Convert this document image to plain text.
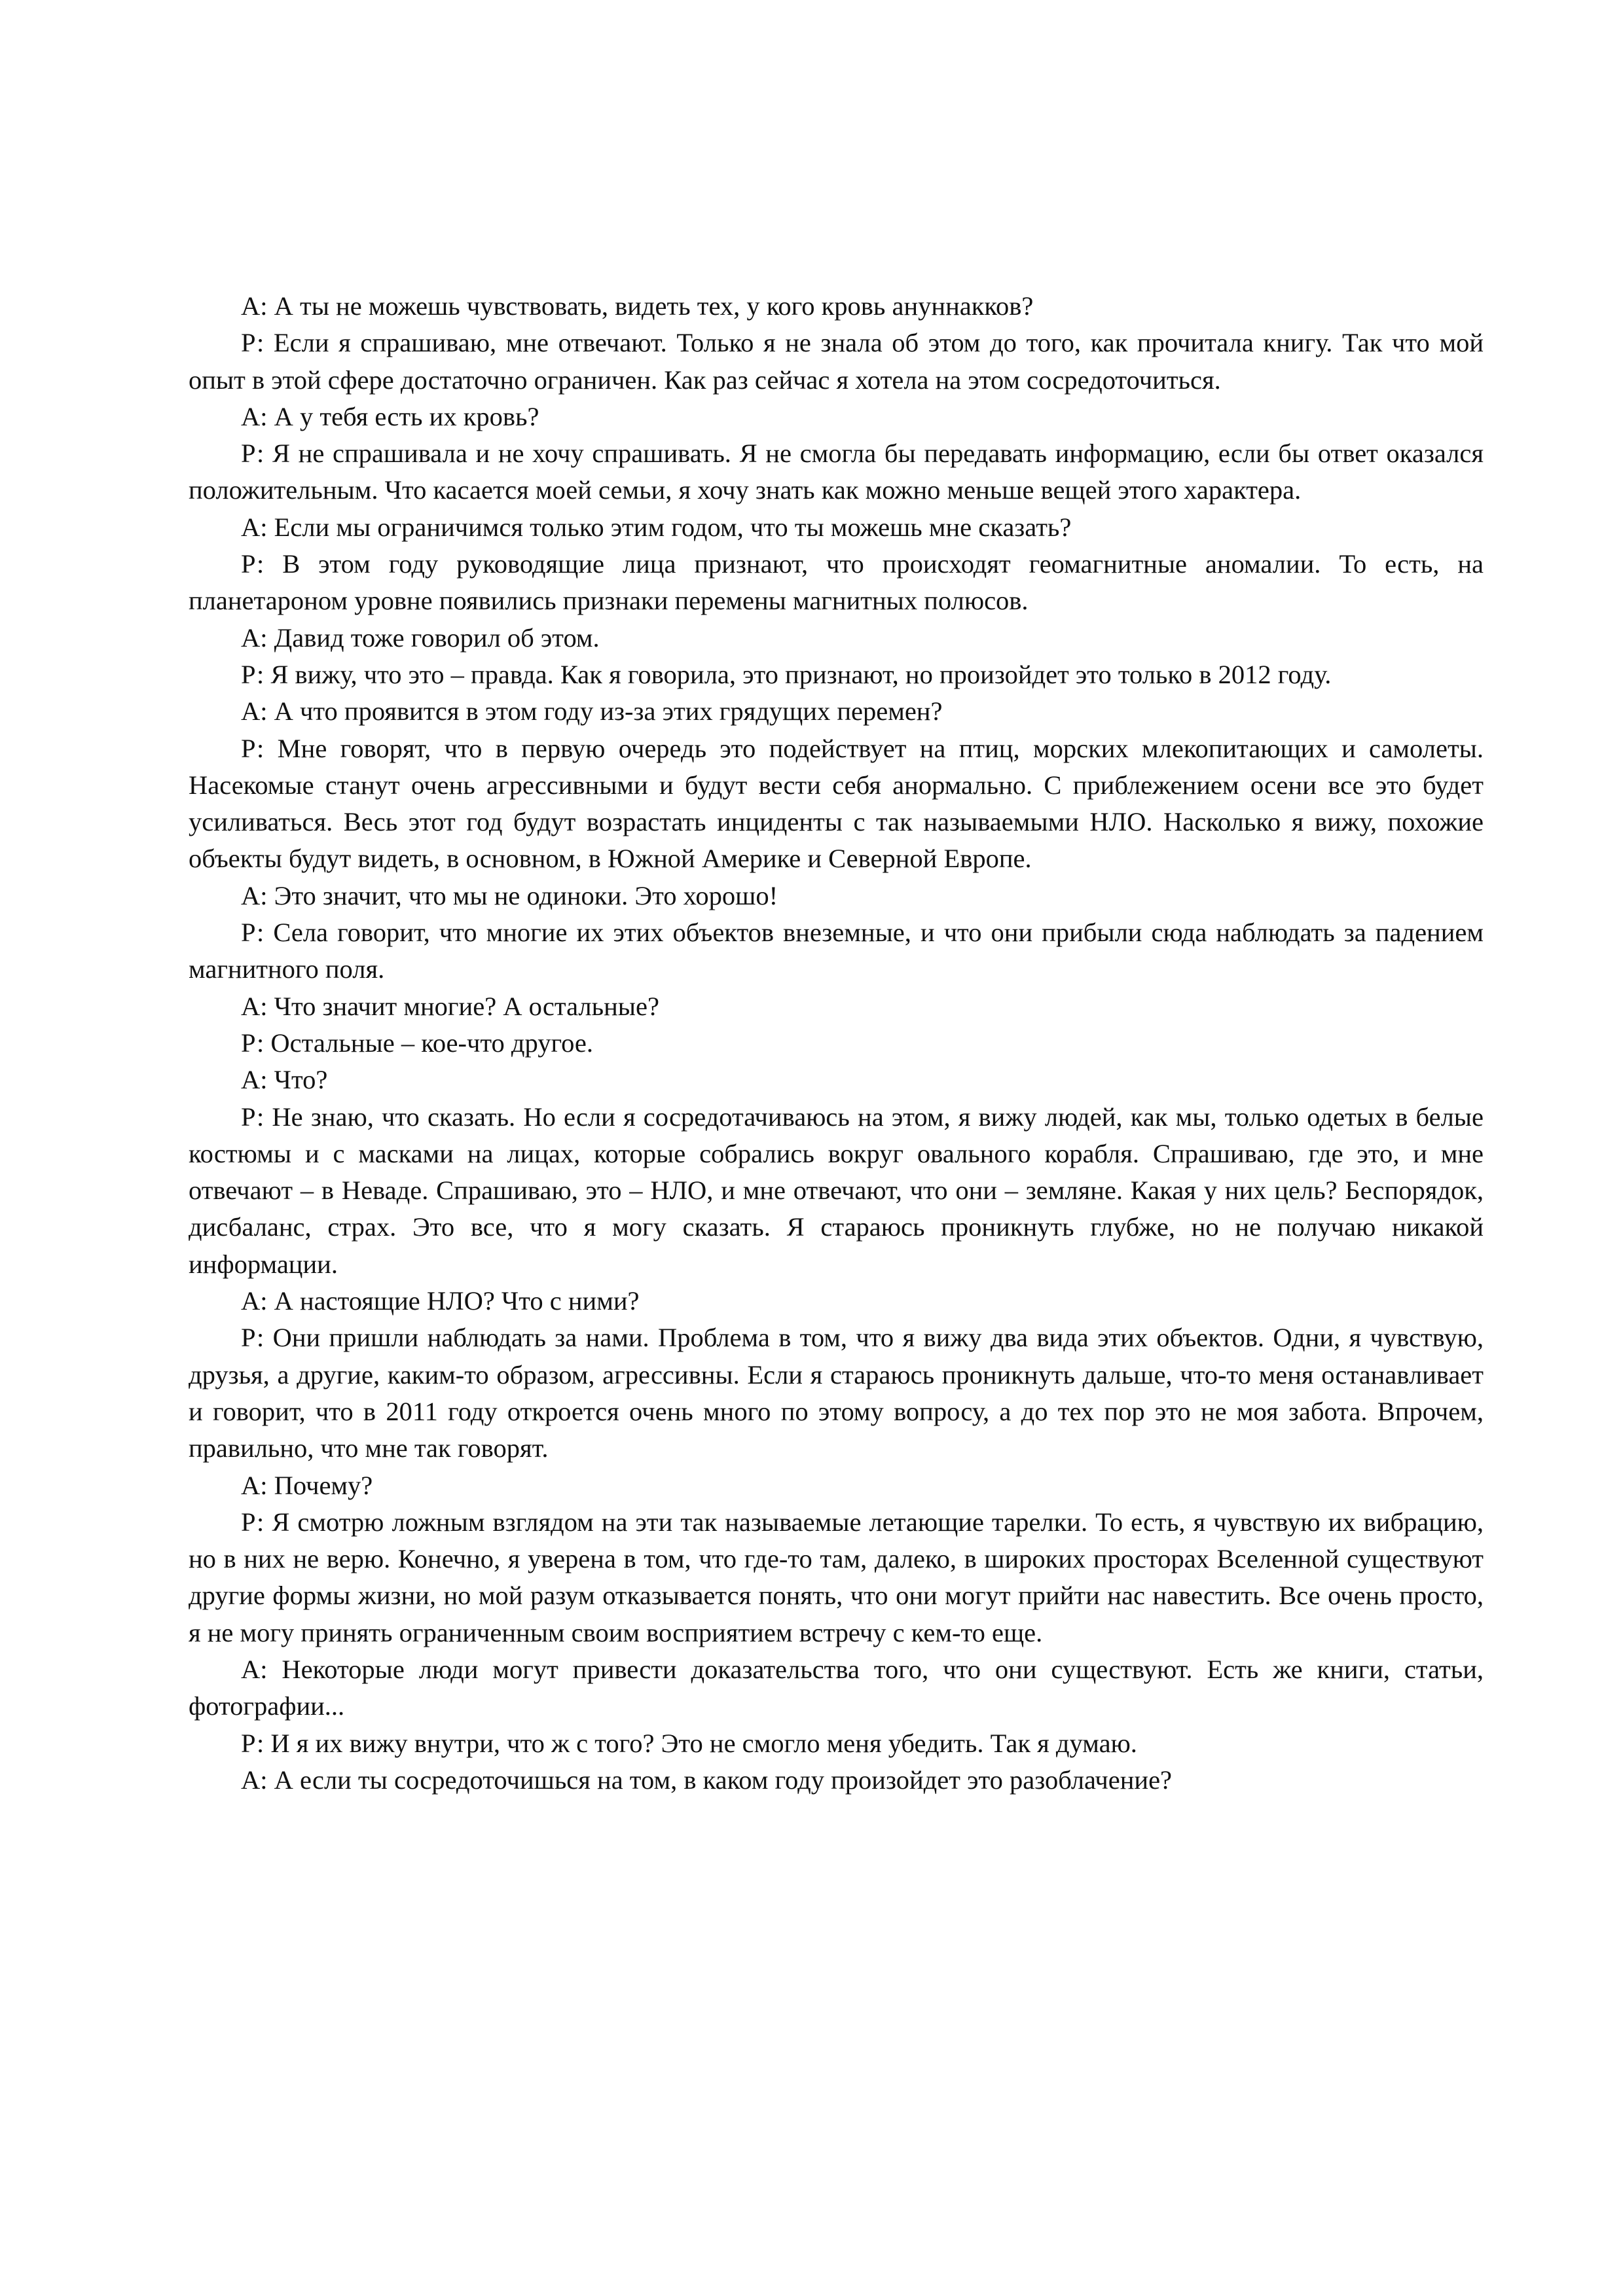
А: А ты не можешь чувствовать, видеть тех, у кого кровь ануннакков?

Р: Если я спрашиваю, мне отвечают. Только я не знала об этом до того, как прочитала книгу. Так что мой опыт в этой сфере достаточно ограничен. Как раз сейчас я хотела на этом сосредоточиться.

А: А у тебя есть их кровь?

Р: Я не спрашивала и не хочу спрашивать. Я не смогла бы передавать информацию, если бы ответ оказался положительным. Что касается моей семьи, я хочу знать как можно меньше вещей этого характера.

А: Если мы ограничимся только этим годом, что ты можешь мне сказать?

Р: В этом году руководящие лица признают, что происходят геомагнитные аномалии. То есть, на планетароном уровне появились признаки перемены магнитных полюсов.

А: Давид тоже говорил об этом.

Р: Я вижу, что это – правда. Как я говорила, это признают, но произойдет это только в 2012 году.

А: А что проявится в этом году из-за этих грядущих перемен?

Р: Мне говорят, что в первую очередь это подействует на птиц, морских млекопитающих и самолеты. Насекомые станут очень агрессивными и будут вести себя анормально. С приблежением осени все это будет усиливаться. Весь этот год будут возрастать инциденты с так называемыми НЛО. Насколько я вижу, похожие объекты будут видеть, в основном, в Южной Америке и Северной Европе.

А: Это значит, что мы не одиноки. Это хорошо!

Р: Села говорит, что многие их этих объектов внеземные, и что они прибыли сюда наблюдать за падением магнитного поля.

А: Что значит многие? А остальные?

Р: Остальные – кое-что другое.

А: Что?

Р: Не знаю, что сказать. Но если я сосредотачиваюсь на этом, я вижу людей, как мы, только одетых в белые костюмы и с масками на лицах, которые собрались вокруг овального корабля. Спрашиваю, где это, и мне отвечают – в Неваде. Спрашиваю, это – НЛО, и мне отвечают, что они – земляне. Какая у них цель? Беспорядок, дисбаланс, страх. Это все, что я могу сказать. Я стараюсь проникнуть глубже, но не получаю никакой информации.

А: А настоящие НЛО? Что с ними?

Р: Они пришли наблюдать за нами. Проблема в том, что я вижу два вида этих объектов. Одни, я чувствую, друзья, а другие, каким-то образом, агрессивны. Если я стараюсь проникнуть дальше, что-то меня останавливает и говорит, что в 2011 году откроется очень много по этому вопросу, а до тех пор это не моя забота. Впрочем, правильно, что мне так говорят.

А: Почему?

Р: Я смотрю ложным взглядом на эти так называемые летающие тарелки. То есть, я чувствую их вибрацию, но в них не верю. Конечно, я уверена в том, что где-то там, далеко, в широких просторах Вселенной существуют другие формы жизни, но мой разум отказывается понять, что они могут прийти нас навестить. Все очень просто, я не могу принять ограниченным своим восприятием встречу с кем-то еще.

А: Некоторые люди могут привести доказательства того, что они существуют. Есть же книги, статьи, фотографии...

Р: И я их вижу внутри, что ж с того? Это не смогло меня убедить. Так я думаю.

А: А если ты сосредоточишься на том, в каком году произойдет это разоблачение?
